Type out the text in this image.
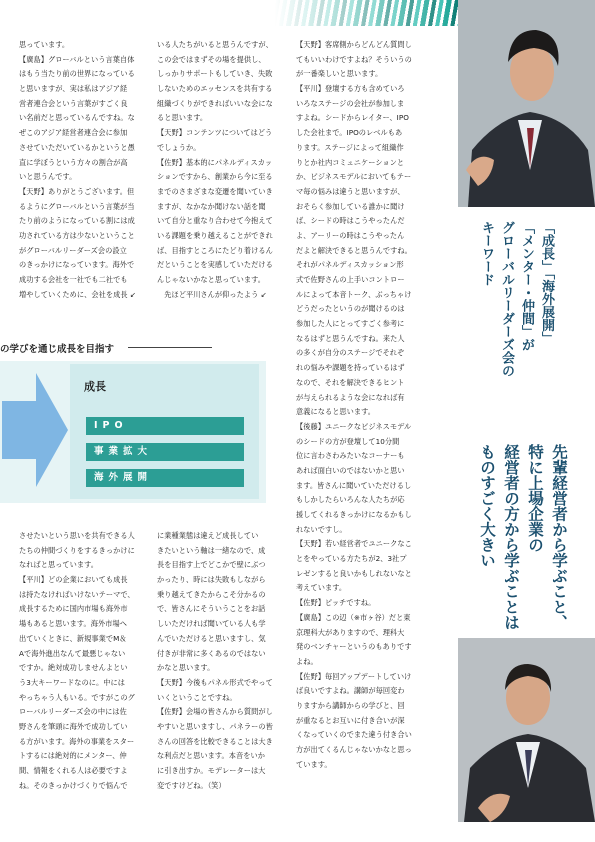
思っています。

【廣島】グローバルという言葉自体

はもう当たり前の世界になっている

と思いますが、実は私はアジア経

営者連合会という言葉がすごく良

い名前だと思っているんですね。な

ぜこのアジア経営者連合会に参加

させていただいているかというと愚

直に学ぼうという方々の割合が高

いと思うんです。

【天野】ありがとうございます。但

るようにグローバルという言葉が当

たり前のようになっている割には成

功されている方は少ないということ

がグローバルリーダーズ会の設立

のきっかけになっています。海外で

成功する会社を一社でも二社でも

増やしていくために、会社を成長 ↙

いる人たちがいると思うんですが、

この会ではまずその場を提供し、

しっかりサポートもしていき、失敗

しないためのエッセンスを共有する

組織づくりができればいいな会にな

ると思います。

【天野】コンテンツについてはどう

でしょうか。

【佐野】基本的にパネルディスカッ

ションですから、創業から今に至る

までのさまざまな変遷を聞いていき

ますが、なかなか聞けない話を聞

いて自分と重なり合わせて今抱えて

いる課題を乗り越えることができれ

ば、目指すところにたどり着けるん

だということを実感していただける

んじゃないかなと思っています。

　先ほど平川さんが仰ったよう ↙

【天野】客席側からどんどん質問し

てもいいわけですよね？そういうの

が一番楽しいと思います。

【平川】登壇する方も含めていろ

いろなステージの会社が参加しま

すよね。シードからレイター、IPO

した会社まで。IPOのレベルもあ

ります。ステージによって組織作

りとか社内コミュニケーションと

か、ビジネスモデルにおいてもテー

マ毎の悩みは違うと思いますが、

おそらく参加している誰かに聞け

ば、シードの時はこうやったんだ

よ、アーリーの時はこうやったん

だよと解決できると思うんですね。

それがパネルディスカッション形

式で佐野さんの上手いコントロー

ルによって本音トーク、ぶっちゃけ

どうだったというのが聞けるのは

参加した人にとってすごく参考に

なるはずと思うんですね。来た人

の多くが自分のステージでそれぞ

れの悩みや課題を持っているはず

なので、それを解決できるヒント

が与えられるような会になれば有

意義になると思います。

【後藤】ユニークなビジネスモデル

のシードの方が登壇して10分間

位に言わさわみたいなコーナーも

あれば面白いのではないかと思い

ます。皆さんに聞いていただけるし

もしかしたらいろんな人たちが応

援してくれるきっかけになるかもし

れないですし。

【天野】若い経営者でユニークなこ

とをやっている方たちが2、3社プ

レゼンすると良いかもしれないなと

考えています。

【佐野】ピッチですね。

【廣島】この辺（※市ヶ谷）だと東

京理科大がありますので、理科大

発のベンチャーというのもありです

よね。

【佐野】毎回アップデートしていけ

ば良いですよね。講師が毎回変わ

りますから講師からの学びと、回

が重なるとお互いに付き合いが深

くなっていくのでまた違う付き合い

方が出てくるんじゃないかなと思っ

ています。

の学びを通じ成長を目指す
成長
IPO
事業拡大
海外展開

させたいという思いを共有できる人

たちの仲間づくりをするきっかけに

なればと思っています。

【平川】どの企業においても成長

は持たなければいけないテーマで、

成長するために国内市場も海外市

場もあると思います。海外市場へ

出ていくときに、新規事業でM＆

Aで海外進出なんて最悪じゃない

ですか。絶対成功しませんよとい

う3大キーワードなのに。中には

やっちゃう人もいる。ですがこのグ

ローバルリーダーズ会の中には佐

野さんを筆頭に海外で成功してい

る方がいます。海外の事業をスター

トするには絶対的にメンター、仲

間、情報をくれる人は必要ですよ

ね。そのきっかけづくりで悩んで

に業種業態は違えど成長してい

きたいという軸は一緒なので、成

長を目指す上でどこかで壁にぶつ

かったり、時には失敗もしながら

乗り越えてきたからこそ分かるの

で、皆さんにそういうことをお話

しいただければ聞いている人も学

んでいただけると思いますし、気

付きが非常に多くあるのではない

かなと思います。

【天野】今後もパネル形式でやって

いくということですね。

【佐野】会場の皆さんから質問がし

やすいと思いますし、パネラーの皆

さんの回答を比較できることは大き

な利点だと思います。本音をいか

に引き出すか。モデレーターは大

変ですけどね。（笑）

「成長」「海外展開」
「メンター・仲間」が
グローバルリーダーズ会の
キーワード
先輩経営者から学ぶこと、
特に上場企業の
経営者の方から学ぶことは
ものすごく大きい
